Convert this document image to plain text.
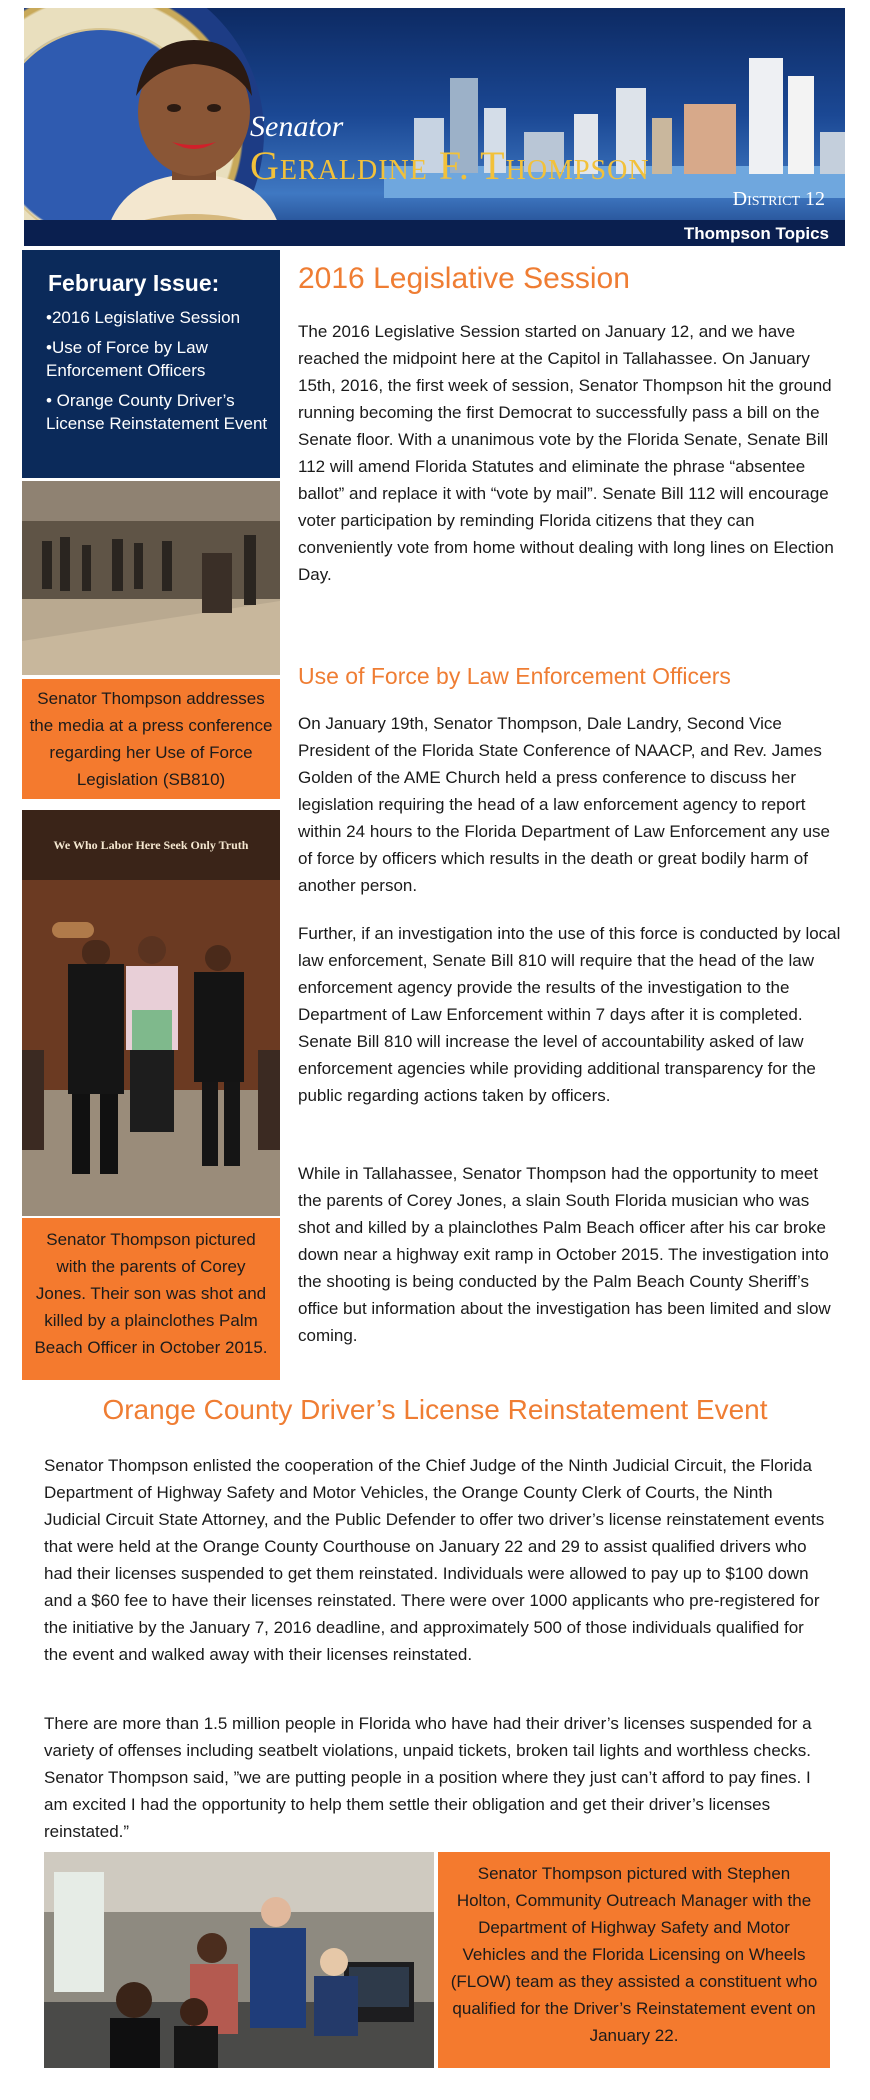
Senator
Geraldine F. Thompson
District 12
Thompson Topics
February Issue:
•2016 Legislative Session
•Use of Force by Law Enforcement Officers
• Orange County Driver’s License Reinstatement Event
Senator Thompson addresses the media at a press conference regarding her Use of Force Legislation (SB810)
We Who Labor Here Seek Only Truth
Senator Thompson pictured with the parents of Corey Jones. Their son was shot and killed by a plainclothes Palm Beach Officer in October 2015.
2016 Legislative Session

The 2016 Legislative Session started on January 12, and we have reached the midpoint here at the Capitol in Tallahassee. On January 15th, 2016, the first week of session, Senator Thompson hit the ground running becoming the first Democrat to successfully pass a bill on the Senate floor. With a unanimous vote by the Florida Senate, Senate Bill 112 will amend Florida Statutes and eliminate the phrase “absentee ballot” and replace it with “vote by mail”. Senate Bill 112 will encourage voter participation by reminding Florida citizens that they can conveniently vote from home without dealing with long lines on Election Day.

Use of Force by Law Enforcement Officers

On January 19th, Senator Thompson, Dale Landry, Second Vice President of the Florida State Conference of NAACP, and Rev. James Golden of the AME Church held a press conference to discuss her legislation requiring the head of a law enforcement agency to report within 24 hours to the Florida Department of Law Enforcement any use of force by officers which results in the death or great bodily harm of another person.

Further, if an investigation into the use of this force is conducted by local law enforcement, Senate Bill 810 will require that the head of the law enforcement agency provide the results of the investigation to the Department of Law Enforcement within 7 days after it is completed. Senate Bill 810 will increase the level of accountability asked of law enforcement agencies while providing additional transparency for the public regarding actions taken by officers.

While in Tallahassee, Senator Thompson had the opportunity to meet the parents of Corey Jones, a slain South Florida musician who was shot and killed by a plainclothes Palm Beach officer after his car broke down near a highway exit ramp in October 2015. The investigation into the shooting is being conducted by the Palm Beach County Sheriff’s office but information about the investigation has been limited and slow coming.

Orange County Driver’s License Reinstatement Event

Senator Thompson enlisted the cooperation of the Chief Judge of the Ninth Judicial Circuit, the Florida Department of Highway Safety and Motor Vehicles, the Orange County Clerk of Courts, the Ninth Judicial Circuit State Attorney, and the Public Defender to offer two driver’s license reinstatement events that were held at the Orange County Courthouse on January 22 and 29 to assist qualified drivers who had their licenses suspended to get them reinstated. Individuals were allowed to pay up to $100 down and a $60 fee to have their licenses reinstated. There were over 1000 applicants who pre-registered for the initiative by the January 7, 2016 deadline, and approximately 500 of those individuals qualified for the event and walked away with their licenses reinstated.

There are more than 1.5 million people in Florida who have had their driver’s licenses suspended for a variety of offenses including seatbelt violations, unpaid tickets, broken tail lights and worthless checks. Senator Thompson said, ”we are putting people in a position where they just can’t afford to pay fines. I am excited I had the opportunity to help them settle their obligation and get their driver’s licenses reinstated.”

Senator Thompson pictured with Stephen Holton, Community Outreach Manager with the Department of Highway Safety and Motor Vehicles and the Florida Licensing on Wheels (FLOW) team as they assisted a constituent who qualified for the Driver’s Reinstatement event on January 22.
